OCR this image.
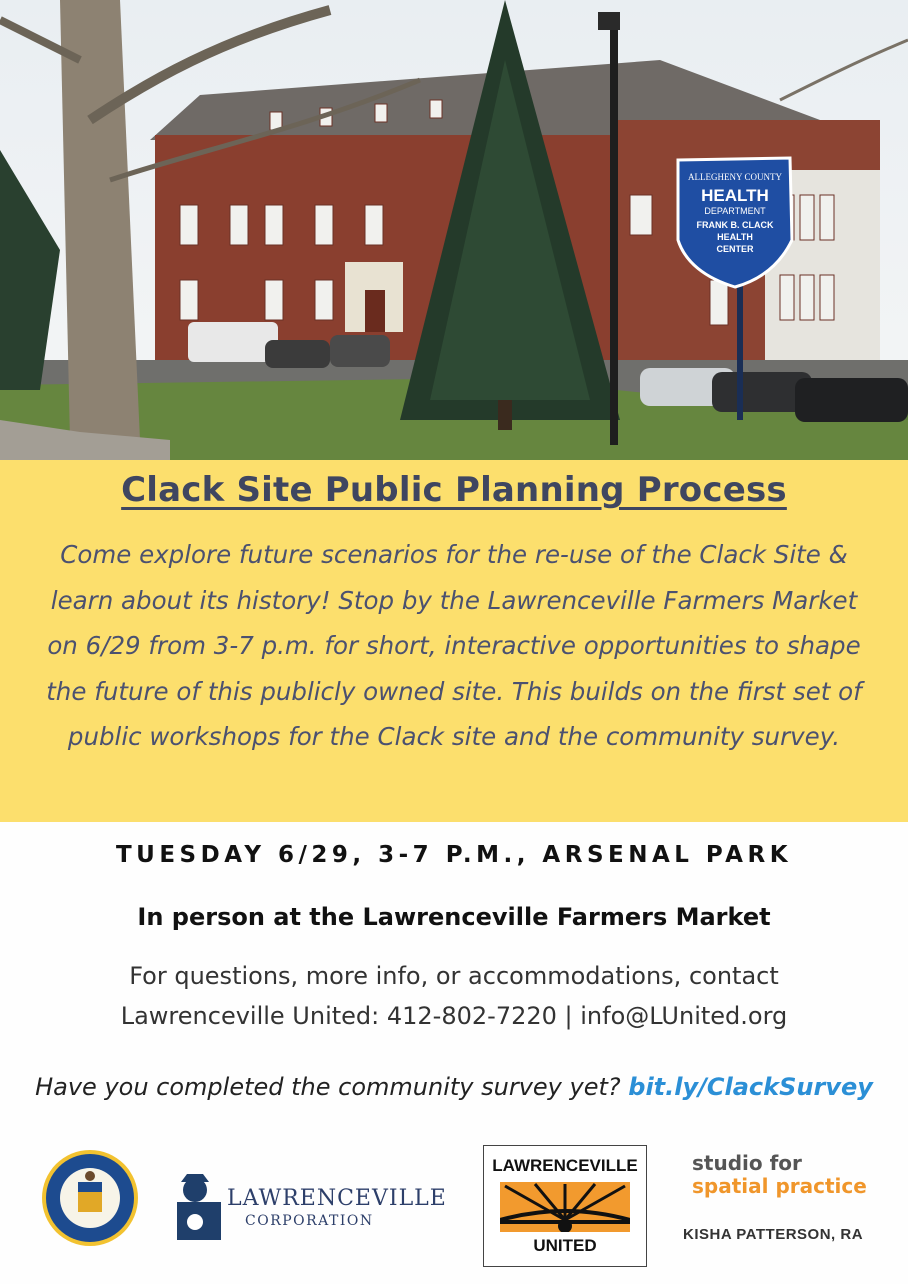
ALLEGHENY COUNTY
HEALTH
DEPARTMENT
FRANK B. CLACK
HEALTH
CENTER
Clack Site Public Planning Process
Come explore future scenarios for the re-use of the Clack Site & learn about its history! Stop by the Lawrenceville Farmers Market on 6/29 from 3-7 p.m. for short, interactive opportunities to shape the future of this publicly owned site. This builds on the first set of public workshops for the Clack site and the community survey.
TUESDAY 6/29, 3-7 P.M., ARSENAL PARK
In person at the Lawrenceville Farmers Market
For questions, more info, or accommodations, contact
Lawrenceville United: 412-802-7220 | info@LUnited.org
Have you completed the community survey yet? bit.ly/ClackSurvey
LAWRENCEVILLE
CORPORATION
LAWRENCEVILLE
UNITED
studio for
spatial practice
KISHA PATTERSON, RA
